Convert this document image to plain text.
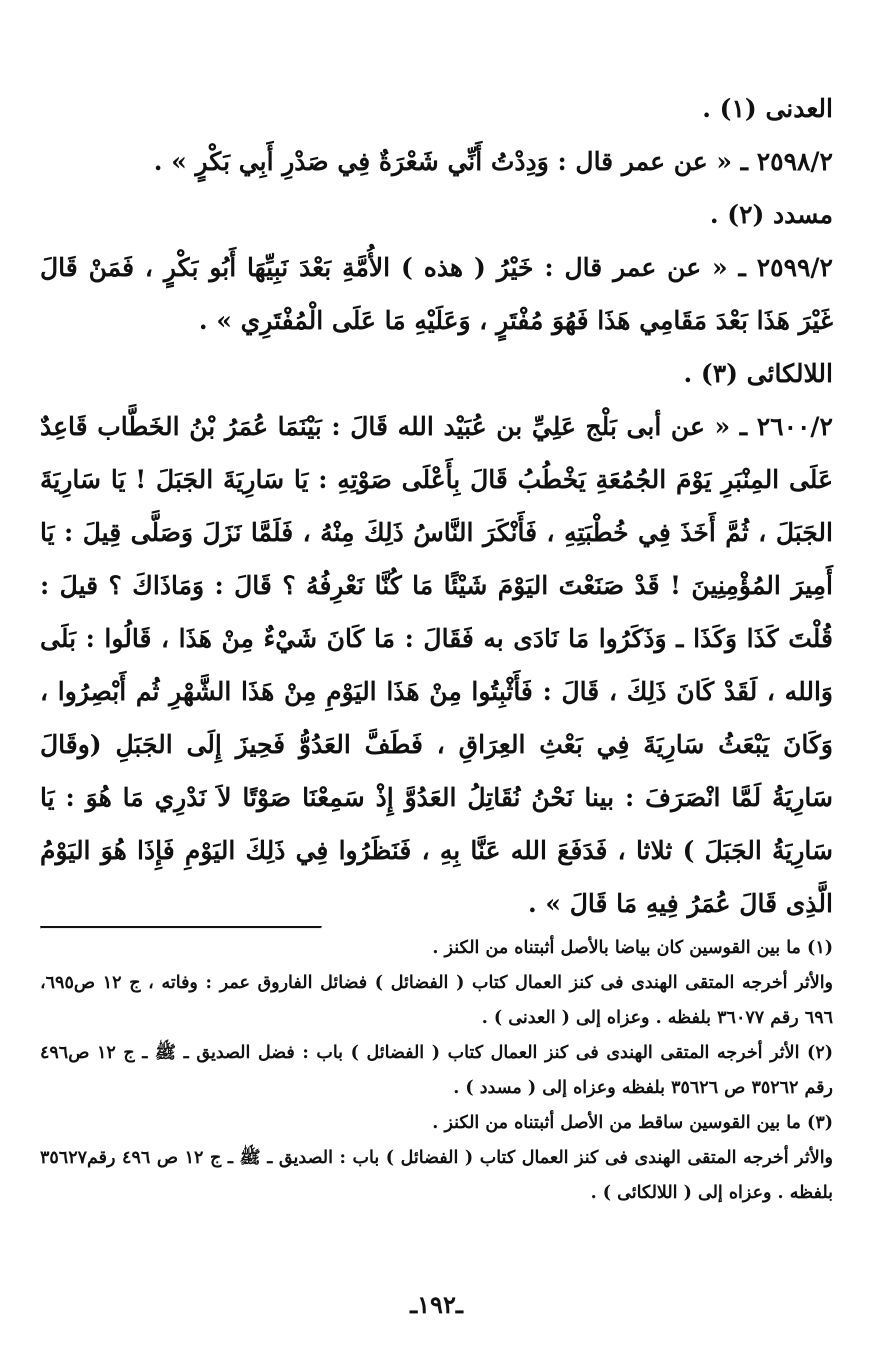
العدنى (١) .

٢٥٩٨/٢ ـ « عن عمر قال : وَدِدْتُ أَنِّي شَعْرَةٌ فِي صَدْرِ أَبِي بَكْرٍ » .

مسدد (٢) .

٢٥٩٩/٢ ـ « عن عمر قال : خَيْرُ ( هذه ) الأُمَّةِ بَعْدَ نَبِيِّهَا أَبُو بَكْرٍ ، فَمَنْ قَالَ غَيْرَ هَذَا بَعْدَ مَقَامِي هَذَا فَهُوَ مُفْتَرٍ ، وَعَلَيْهِ مَا عَلَى الْمُفْتَرِي » .

اللالكائى (٣) .

٢٦٠٠/٢ ـ « عن أبى بَلْج عَلِيِّ بن عُبَيْد الله قَالَ : بَيْنَمَا عُمَرُ بْنُ الخَطَّاب قَاعِدٌ عَلَى المِنْبَرِ يَوْمَ الجُمُعَةِ يَخْطُبُ قَالَ بِأَعْلَى صَوْتِهِ : يَا سَارِيَةَ الجَبَلَ ! يَا سَارِيَةَ الجَبَلَ ، ثُمَّ أَخَذَ فِي خُطْبَتِهِ ، فَأَنْكَرَ النَّاسُ ذَلِكَ مِنْهُ ، فَلَمَّا نَزَلَ وَصَلَّى قِيلَ : يَا أَمِيرَ المُؤْمِنِينَ ! قَدْ صَنَعْتَ اليَوْمَ شَيْئًا مَا كُنَّا نَعْرِفُهُ ؟ قَالَ : وَمَاذَاكَ ؟ قيلَ : قُلْتَ كَذَا وَكَذَا ـ وَذَكَرُوا مَا نَادَى به فَقَالَ : مَا كَانَ شَيْءٌ مِنْ هَذَا ، قَالُوا : بَلَى وَالله ، لَقَدْ كَانَ ذَلِكَ ، قَالَ : فَأَثْبِتُوا مِنْ هَذَا اليَوْمِ مِنْ هَذَا الشَّهْرِ ثُم أَبْصِرُوا ، وَكَانَ يَبْعَثُ سَارِيَةَ فِي بَعْثِ العِرَاقِ ، فَطَفَّ العَدُوُّ فَحِيزَ إِلَى الجَبَلِ (وقَالَ سَارِيَةُ لَمَّا انْصَرَفَ : بينا نَحْنُ نُقَاتِلُ العَدُوَّ إِذْ سَمِعْنَا صَوْتًا لاَ نَدْرِي مَا هُوَ : يَا سَارِيَةُ الجَبَلَ ) ثلاثا ، فَدَفَعَ الله عَنَّا بِهِ ، فَنَظَرُوا فِي ذَلِكَ اليَوْمِ فَإِذَا هُوَ اليَوْمُ الَّذِى قَالَ عُمَرُ فِيهِ مَا قَالَ » .

(١) ما بين القوسين كان بياضا بالأصل أثبتناه من الكنز .

والأثر أخرجه المتقى الهندى فى كنز العمال كتاب ( الفضائل ) فضائل الفاروق عمر : وفاته ، ج ١٢ ص٦٩٥، ٦٩٦ رقم ٣٦٠٧٧ بلفظه . وعزاه إلى ( العدنى ) .

(٢) الأثر أخرجه المتقى الهندى فى كنز العمال كتاب ( الفضائل ) باب : فضل الصديق ـ ﷺ ـ ج ١٢ ص٤٩٦ رقم ٣٥٢٦٢ ص ٣٥٦٢٦ بلفظه وعزاه إلى ( مسدد ) .

(٣) ما بين القوسين ساقط من الأصل أثبتناه من الكنز .

والأثر أخرجه المتقى الهندى فى كنز العمال كتاب ( الفضائل ) باب : الصديق ـ ﷺ ـ ج ١٢ ص ٤٩٦ رقم٣٥٦٢٧ بلفظه . وعزاه إلى ( اللالكائى ) .

ـ١٩٢ـ
